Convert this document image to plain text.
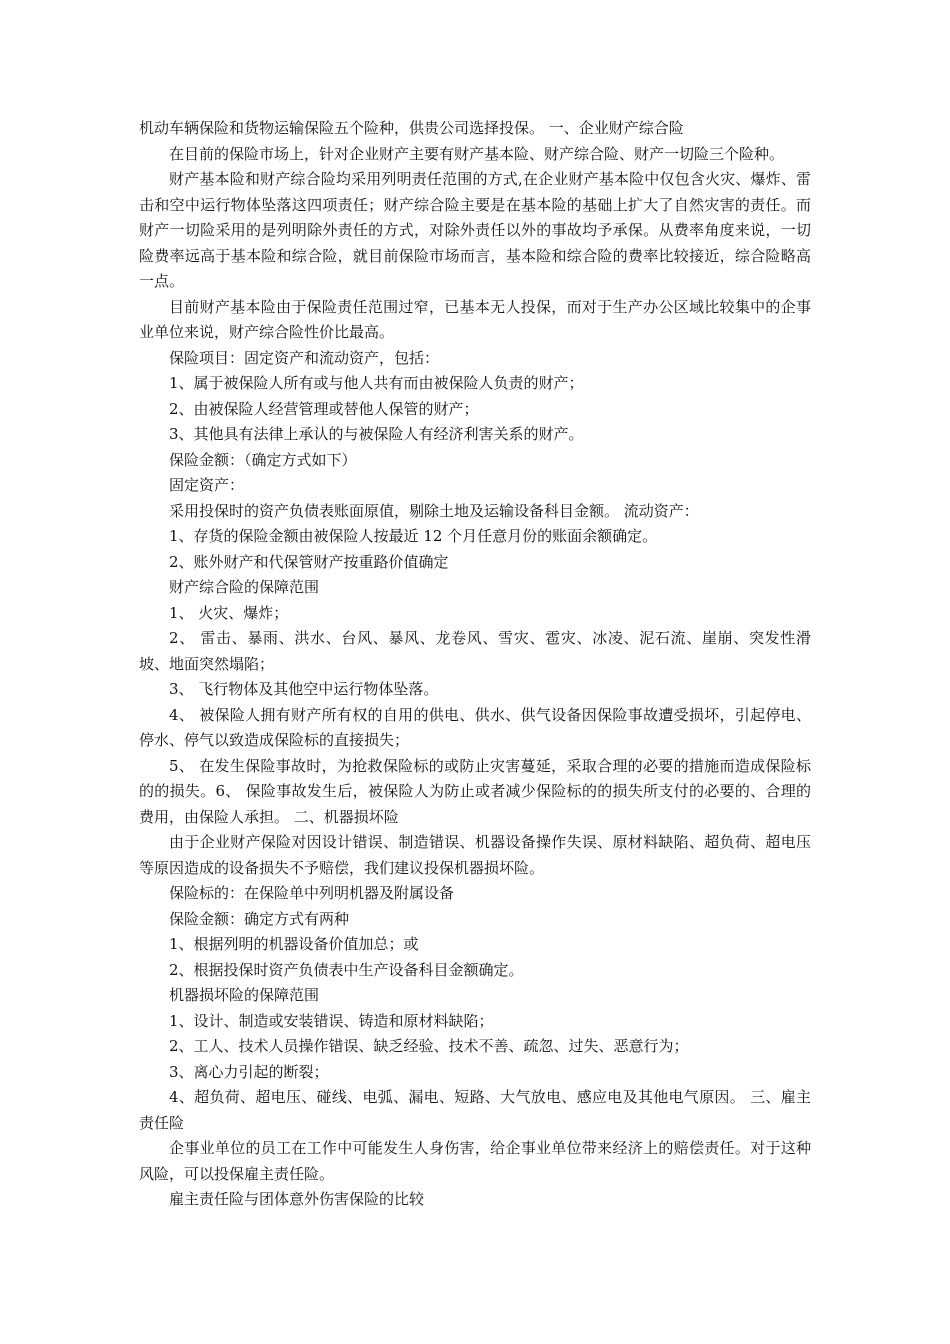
机动车辆保险和货物运输保险五个险种，供贵公司选择投保。 一、企业财产综合险

在目前的保险市场上，针对企业财产主要有财产基本险、财产综合险、财产一切险三个险种。

财产基本险和财产综合险均采用列明责任范围的方式,在企业财产基本险中仅包含火灾、爆炸、雷击和空中运行物体坠落这四项责任；财产综合险主要是在基本险的基础上扩大了自然灾害的责任。而财产一切险采用的是列明除外责任的方式，对除外责任以外的事故均予承保。从费率角度来说，一切险费率远高于基本险和综合险，就目前保险市场而言，基本险和综合险的费率比较接近，综合险略高一点。

目前财产基本险由于保险责任范围过窄，已基本无人投保，而对于生产办公区域比较集中的企事业单位来说，财产综合险性价比最高。

保险项目：固定资产和流动资产，包括：

1、属于被保险人所有或与他人共有而由被保险人负责的财产；

2、由被保险人经营管理或替他人保管的财产；

3、其他具有法律上承认的与被保险人有经济利害关系的财产。

保险金额：（确定方式如下）

固定资产：

采用投保时的资产负债表账面原值，剔除土地及运输设备科目金额。 流动资产：

1、存货的保险金额由被保险人按最近 12 个月任意月份的账面余额确定。

2、账外财产和代保管财产按重路价值确定

财产综合险的保障范围

1、 火灾、爆炸；

2、 雷击、暴雨、洪水、台风、暴风、龙卷风、雪灾、雹灾、冰凌、泥石流、崖崩、突发性滑坡、地面突然塌陷；

3、 飞行物体及其他空中运行物体坠落。

4、 被保险人拥有财产所有权的自用的供电、供水、供气设备因保险事故遭受损坏，引起停电、停水、停气以致造成保险标的直接损失；

5、 在发生保险事故时，为抢救保险标的或防止灾害蔓延，采取合理的必要的措施而造成保险标的的损失。6、 保险事故发生后，被保险人为防止或者减少保险标的的损失所支付的必要的、合理的费用，由保险人承担。 二、机器损坏险

由于企业财产保险对因设计错误、制造错误、机器设备操作失误、原材料缺陷、超负荷、超电压等原因造成的设备损失不予赔偿，我们建议投保机器损坏险。

保险标的：在保险单中列明机器及附属设备

保险金额：确定方式有两种

1、根据列明的机器设备价值加总；或

2、根据投保时资产负债表中生产设备科目金额确定。

机器损坏险的保障范围

1、设计、制造或安装错误、铸造和原材料缺陷；

2、工人、技术人员操作错误、缺乏经验、技术不善、疏忽、过失、恶意行为；

3、离心力引起的断裂；

4、超负荷、超电压、碰线、电弧、漏电、短路、大气放电、感应电及其他电气原因。 三、雇主责任险

企事业单位的员工在工作中可能发生人身伤害，给企事业单位带来经济上的赔偿责任。对于这种风险，可以投保雇主责任险。

雇主责任险与团体意外伤害保险的比较
